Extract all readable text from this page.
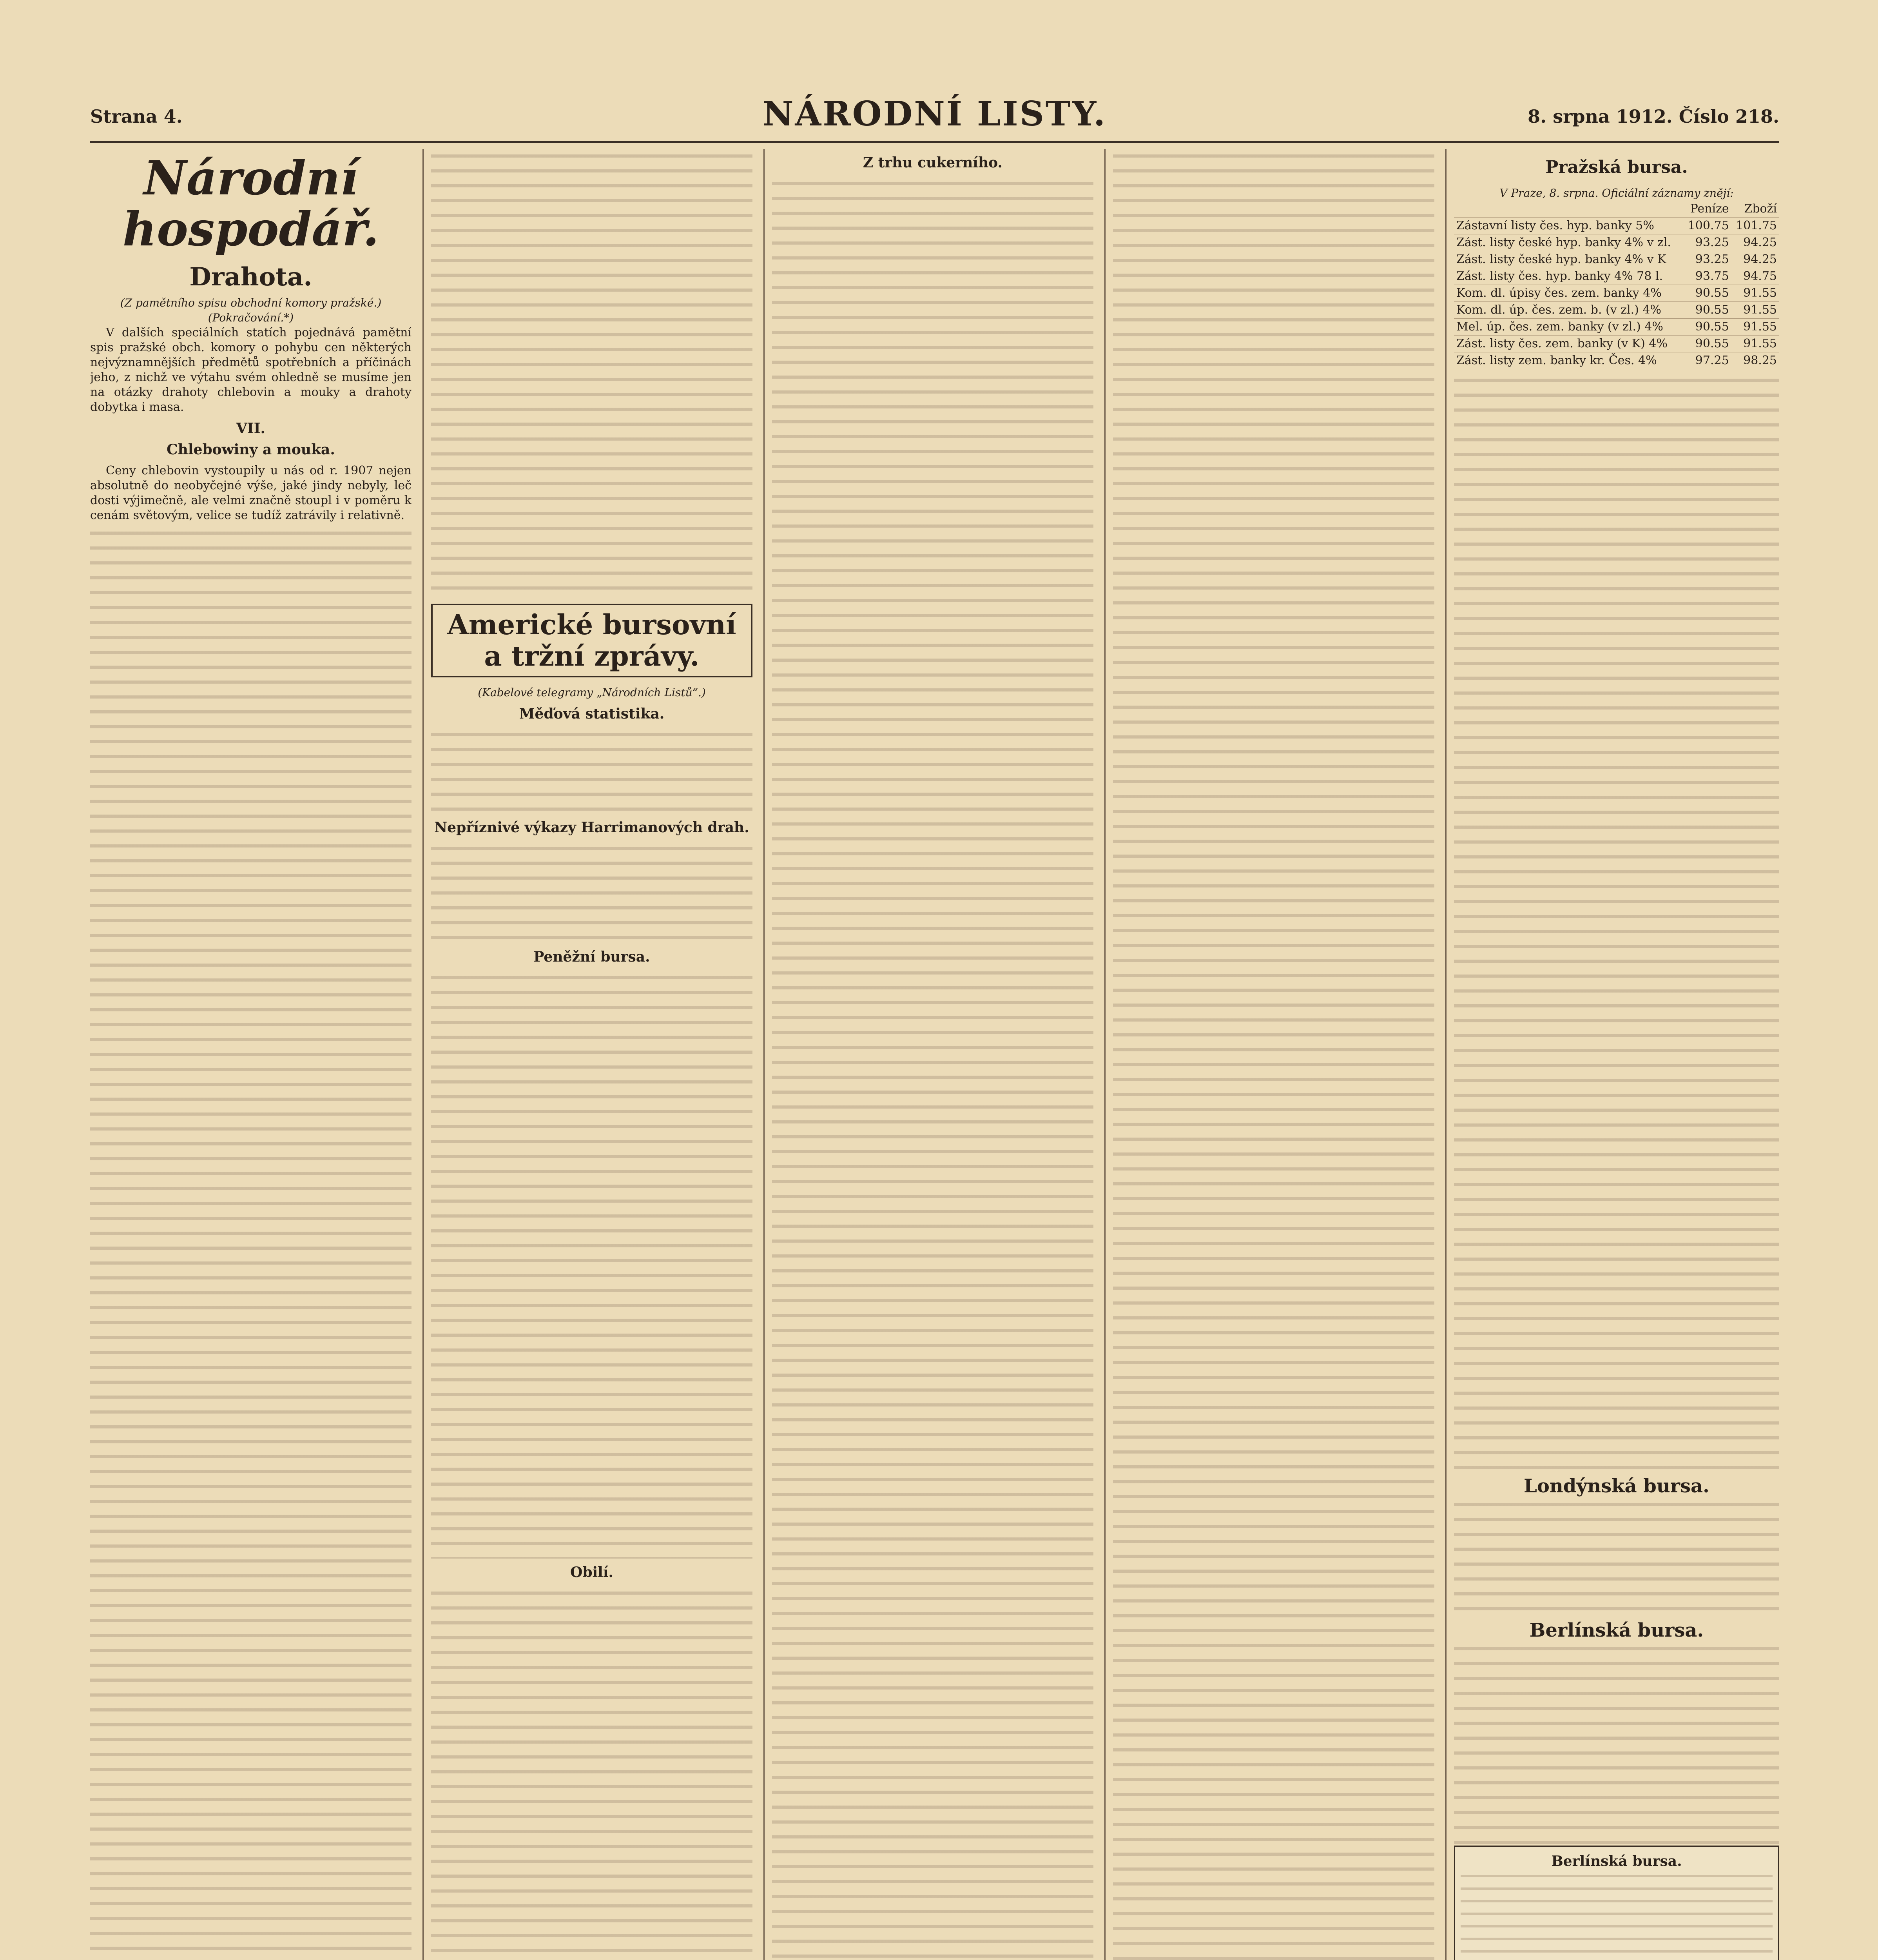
Strana 4.	NÁRODNÍ LISTY.	8. srpna 1912. Číslo 218.
Národní hospodář.
Drahota.
(Z pamětního spisu obchodní komory pražské.)
(Pokračování.*)

V dalších speciálních statích pojednává pamětní spis pražské obch. komory o pohybu cen některých nejvýznamnějších předmětů spotřebních a příčinách jeho, z nichž ve výtahu svém ohledně se musíme jen na otázky drahoty chlebovin a mouky a drahoty dobytka i masa.

VII.
Chlebowiny a mouka.

Ceny chlebovin vystoupily u nás od r. 1907 nejen absolutně do neobyčejné výše, jaké jindy nebyly, leč dosti výjimečně, ale velmi značně stoupl i v poměru k cenám světovým, velice se tudíž zatrávily i relativně.

Americké bursovní a tržní zprávy.
(Kabelové telegramy „Národních Listů“.)
Měďová statistika.
Nepříznivé výkazy Harrimanových drah.
Peněžní bursa.
Obilí.
Z trhu cukerního.	Pražská bursa.
V Praze, 8. srpna. Oficiální záznamy znějí:
	Peníze	Zboží
Zástavní listy čes. hyp. banky 5%	100.75	101.75
Zást. listy české hyp. banky 4% v zl.	93.25	94.25
Zást. listy české hyp. banky 4% v K	93.25	94.25
Zást. listy čes. hyp. banky 4% 78 l.	93.75	94.75
Kom. dl. úpisy čes. zem. banky 4%	90.55	91.55
Kom. dl. úp. čes. zem. b. (v zl.) 4%	90.55	91.55
Mel. úp. čes. zem. banky (v zl.) 4%	90.55	91.55
Zást. listy čes. zem. banky (v K) 4%	90.55	91.55
Zást. listy zem. banky kr. Čes. 4%	97.25	98.25
Londýnská bursa.
Berlínská bursa.
Berlínská bursa.
